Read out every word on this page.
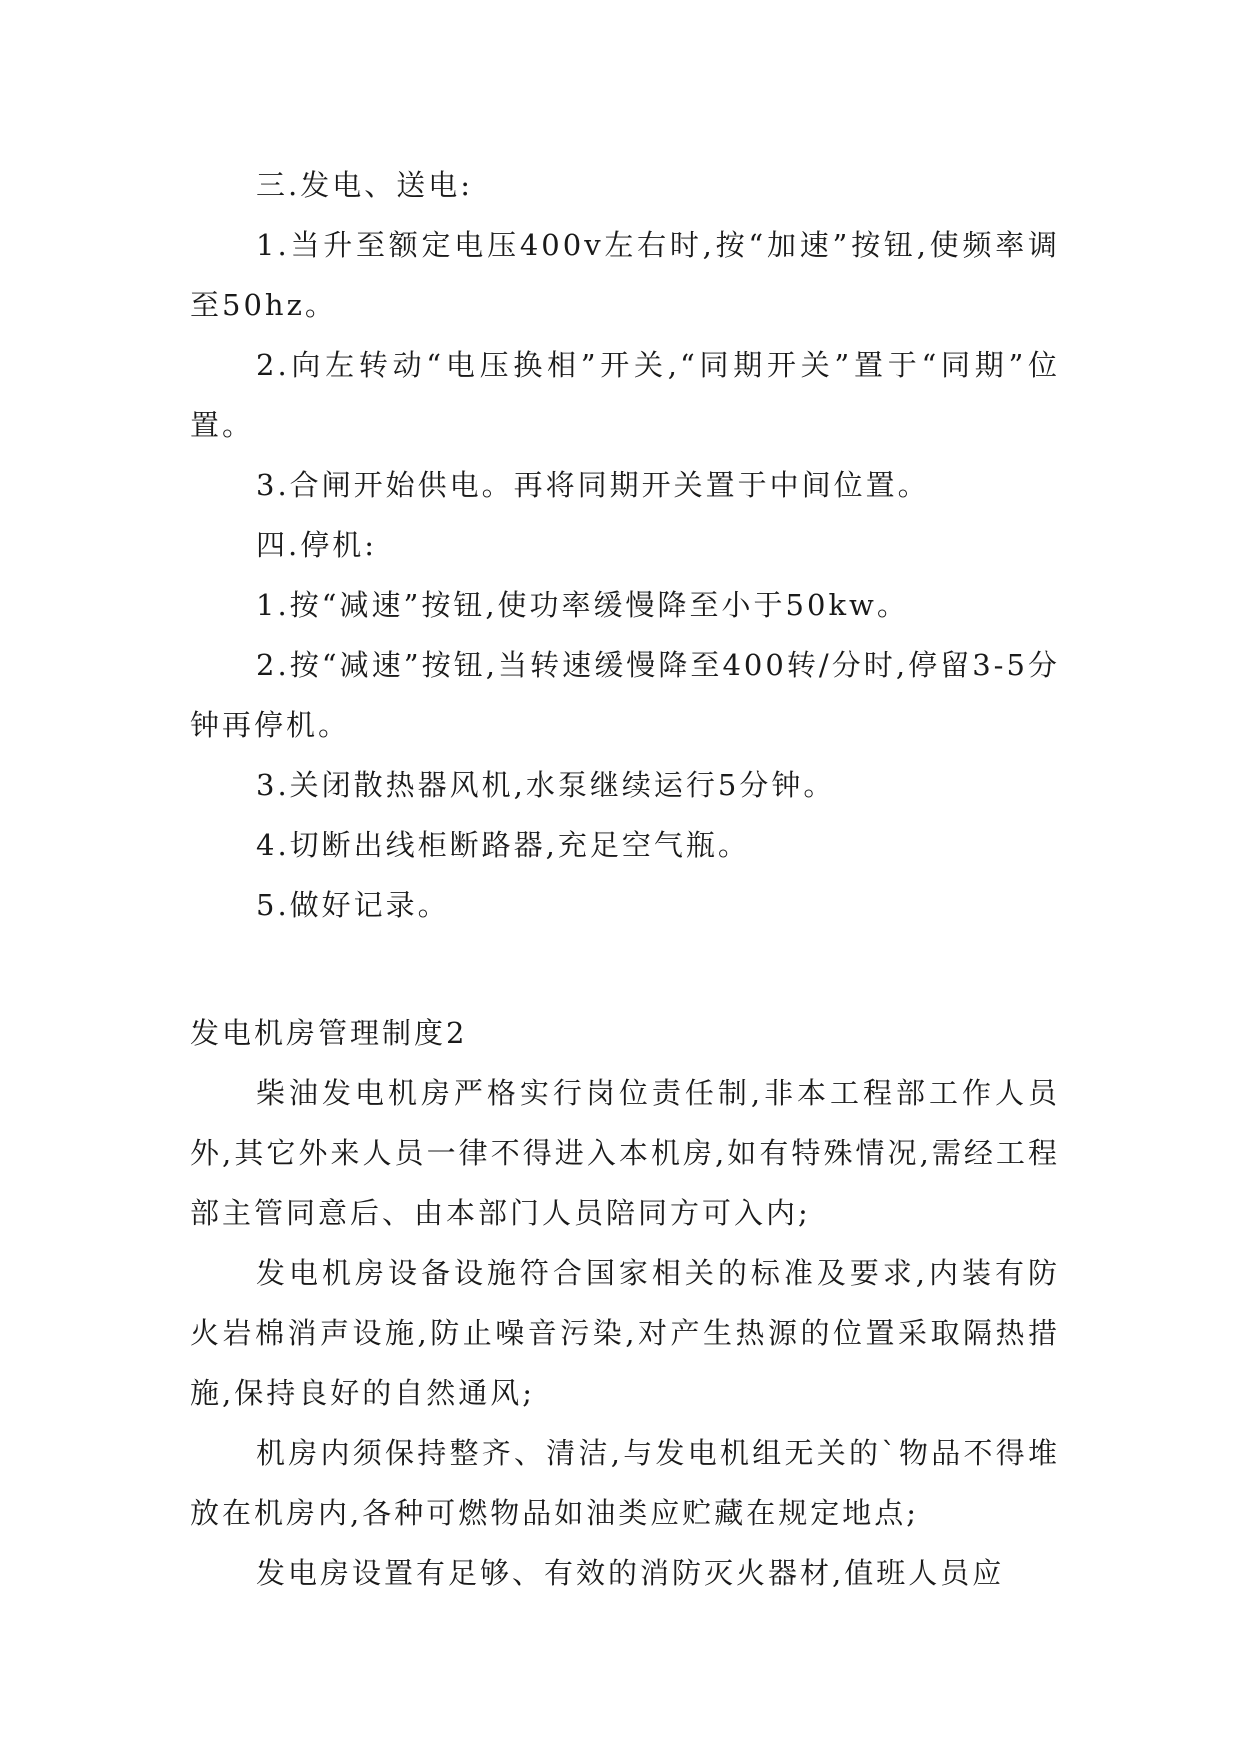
三.发电、送电:

1.当升至额定电压400v左右时,按“加速”按钮,使频率调至50hz。

2.向左转动“电压换相”开关,“同期开关”置于“同期”位置。

3.合闸开始供电。再将同期开关置于中间位置。

四.停机:

1.按“减速”按钮,使功率缓慢降至小于50kw。

2.按“减速”按钮,当转速缓慢降至400转/分时,停留3-5分钟再停机。

3.关闭散热器风机,水泵继续运行5分钟。

4.切断出线柜断路器,充足空气瓶。

5.做好记录。

发电机房管理制度2

柴油发电机房严格实行岗位责任制,非本工程部工作人员外,其它外来人员一律不得进入本机房,如有特殊情况,需经工程部主管同意后、由本部门人员陪同方可入内;

发电机房设备设施符合国家相关的标准及要求,内装有防火岩棉消声设施,防止噪音污染,对产生热源的位置采取隔热措施,保持良好的自然通风;

机房内须保持整齐、清洁,与发电机组无关的`物品不得堆放在机房内,各种可燃物品如油类应贮藏在规定地点;

发电房设置有足够、有效的消防灭火器材,值班人员应
